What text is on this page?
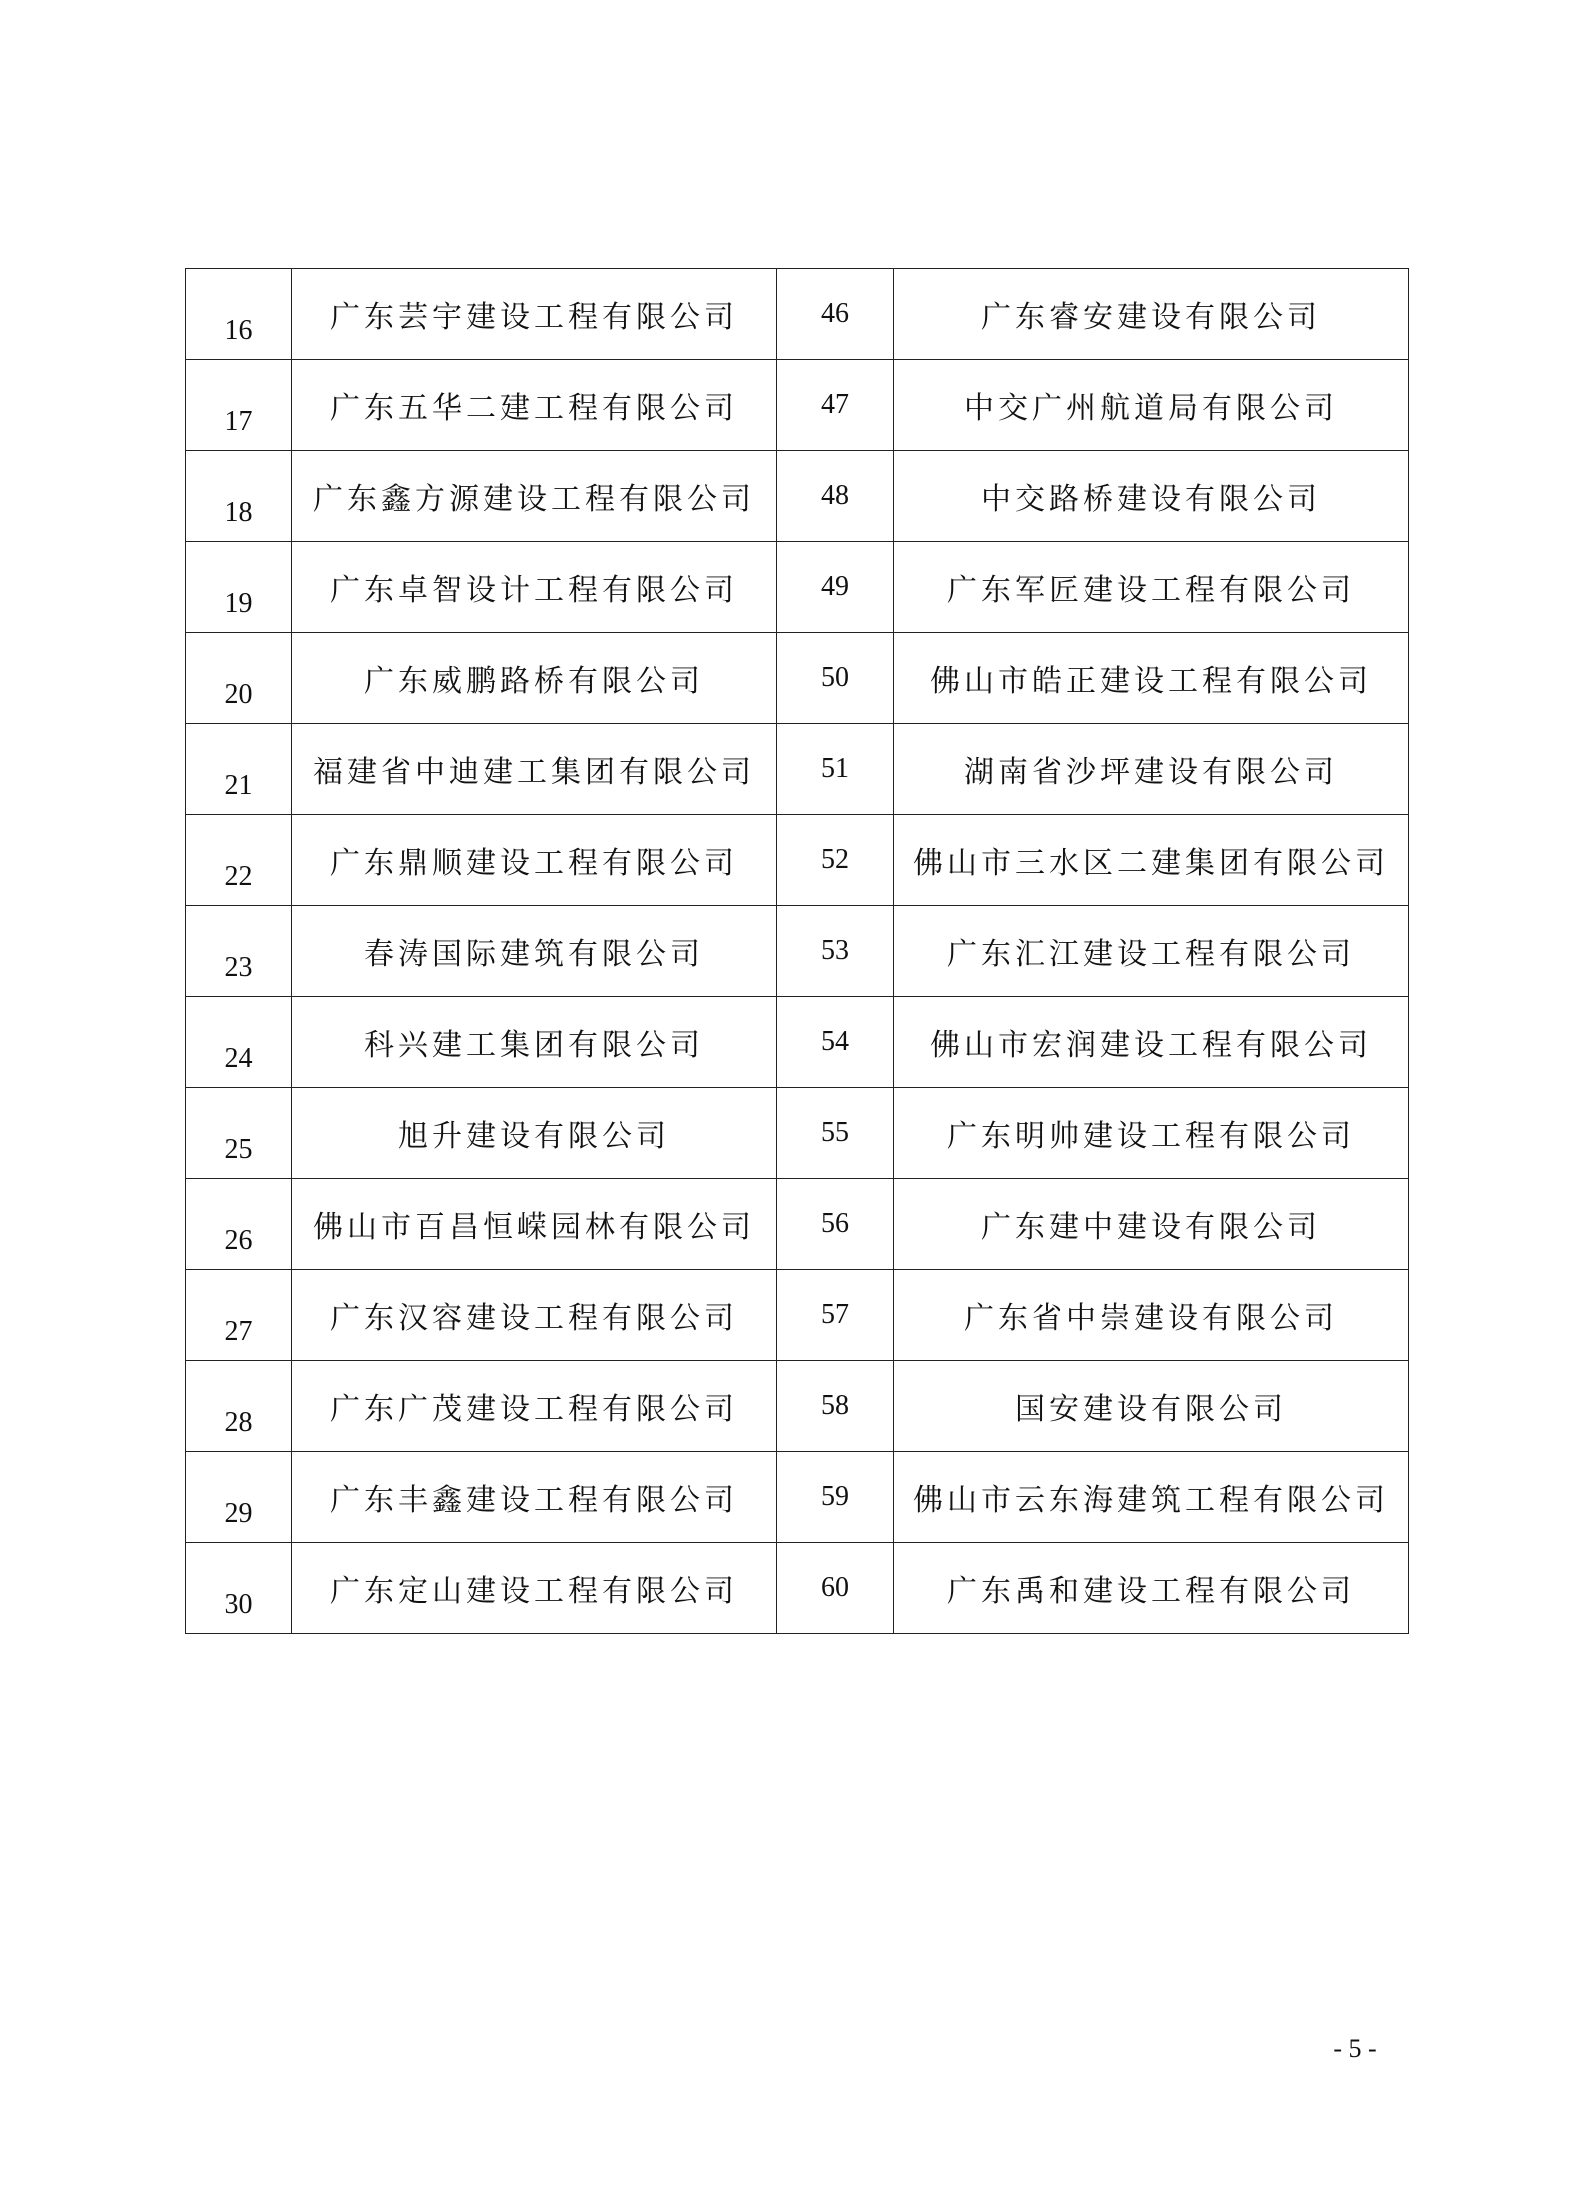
16	广东芸宇建设工程有限公司	46	广东睿安建设有限公司
17	广东五华二建工程有限公司	47	中交广州航道局有限公司
18	广东鑫方源建设工程有限公司	48	中交路桥建设有限公司
19	广东卓智设计工程有限公司	49	广东军匠建设工程有限公司
20	广东威鹏路桥有限公司	50	佛山市皓正建设工程有限公司
21	福建省中迪建工集团有限公司	51	湖南省沙坪建设有限公司
22	广东鼎顺建设工程有限公司	52	佛山市三水区二建集团有限公司
23	春涛国际建筑有限公司	53	广东汇江建设工程有限公司
24	科兴建工集团有限公司	54	佛山市宏润建设工程有限公司
25	旭升建设有限公司	55	广东明帅建设工程有限公司
26	佛山市百昌恒嵘园林有限公司	56	广东建中建设有限公司
27	广东汉容建设工程有限公司	57	广东省中崇建设有限公司
28	广东广茂建设工程有限公司	58	国安建设有限公司
29	广东丰鑫建设工程有限公司	59	佛山市云东海建筑工程有限公司
30	广东定山建设工程有限公司	60	广东禹和建设工程有限公司
- 5 -
